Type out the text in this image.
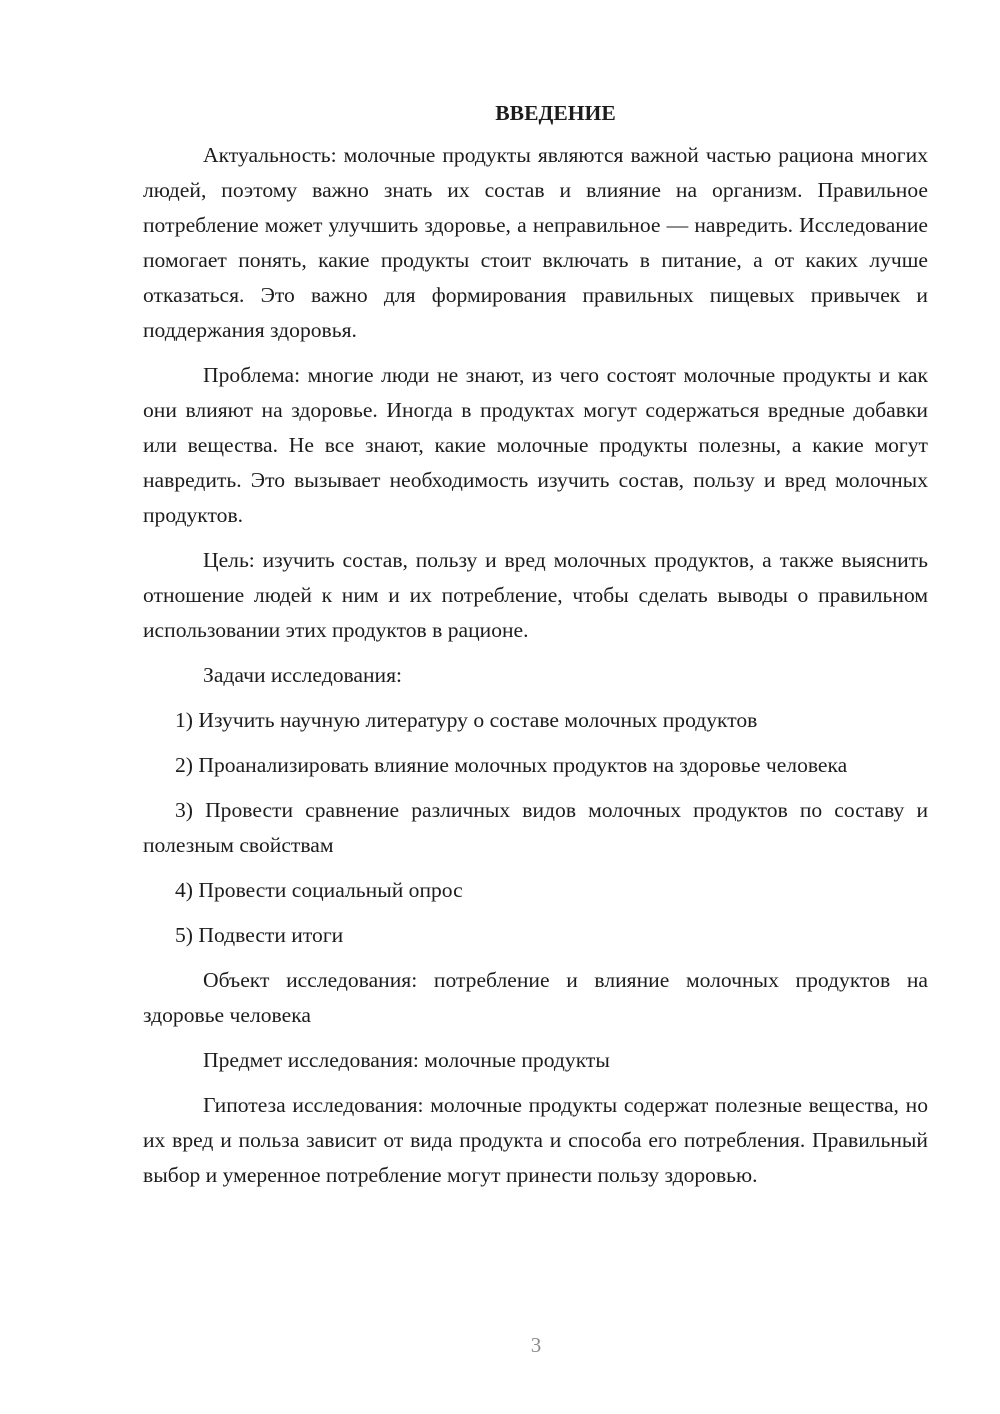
ВВЕДЕНИЕ

Актуальность: молочные продукты являются важной частью рациона многих людей, поэтому важно знать их состав и влияние на организм. Правильное потребление может улучшить здоровье, а неправильное — навредить. Исследование помогает понять, какие продукты стоит включать в питание, а от каких лучше отказаться. Это важно для формирования правильных пищевых привычек и поддержания здоровья.

Проблема: многие люди не знают, из чего состоят молочные продукты и как они влияют на здоровье. Иногда в продуктах могут содержаться вредные добавки или вещества. Не все знают, какие молочные продукты полезны, а какие могут навредить. Это вызывает необходимость изучить состав, пользу и вред молочных продуктов.

Цель: изучить состав, пользу и вред молочных продуктов, а также выяснить отношение людей к ним и их потребление, чтобы сделать выводы о правильном использовании этих продуктов в рационе.

Задачи исследования:

1) Изучить научную литературу о составе молочных продуктов

2) Проанализировать влияние молочных продуктов на здоровье человека

3) Провести сравнение различных видов молочных продуктов по составу и полезным свойствам

4) Провести социальный опрос

5) Подвести итоги

Объект исследования: потребление и влияние молочных продуктов на здоровье человека

Предмет исследования: молочные продукты

Гипотеза исследования: молочные продукты содержат полезные вещества, но их вред и польза зависит от вида продукта и способа его потребления. Правильный выбор и умеренное потребление могут принести пользу здоровью.

3
